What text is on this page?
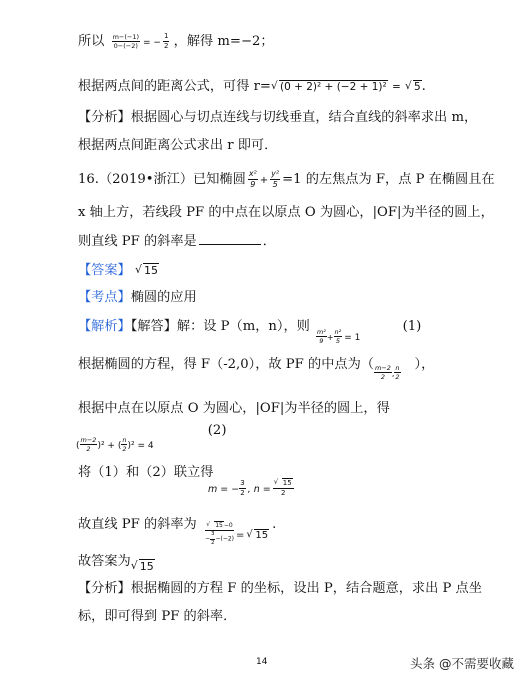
所以 $\frac{m-(-1)}{0-(-2)}$ = − $\frac{1}{2}$ ，解得 m=−2；
根据两点间的距离公式，可得 r= √ (0 + 2)² + (−2 + 1)² = √ 5.
【分析】根据圆心与切点连线与切线垂直，结合直线的斜率求出 m，
根据两点间距离公式求出 r 即可．
16.（2019•浙江）已知椭圆 $\frac{\text{x²}}{9} + \frac{\text{y²}}{5} =1$ 的左焦点为 F，点 P 在椭圆且在
x 轴上方，若线段 PF 的中点在以原点 O 为圆心，|OF|为半径的圆上，
则直线 PF 的斜率是	．
【答案】 √ 15
【考点】椭圆的应用
【解析】【解答】解：设 P（m，n），则
$\frac{\text{m²}}{9} + \frac{\text{n²}}{5} = 1$ (1)
根据椭圆的方程，得 F（-2,0），故 PF 的中点为（ $\frac{m-2}{2}$ , $\frac{n}{2}$ ），
根据中点在以原点 O 为圆心，|OF|为半径的圆上，得
( $\frac{m-2}{2} )^2$ + ( $\frac{n}{2} )^2 = 4$ (2)
将（1）和（2）联立得
m = − $\frac{3}{2}$ , n = √ $\frac{15}{2}$
故直线 PF 的斜率为 √ $\frac{15-0}{- \frac{3}{2} -(-2)}$ = √ 15.
故答案为 √ 15
【分析】根据椭圆的方程 F 的坐标，设出 P，结合题意，求出 P 点坐
标，即可得到 PF 的斜率．
14	头条 @不需要收藏
